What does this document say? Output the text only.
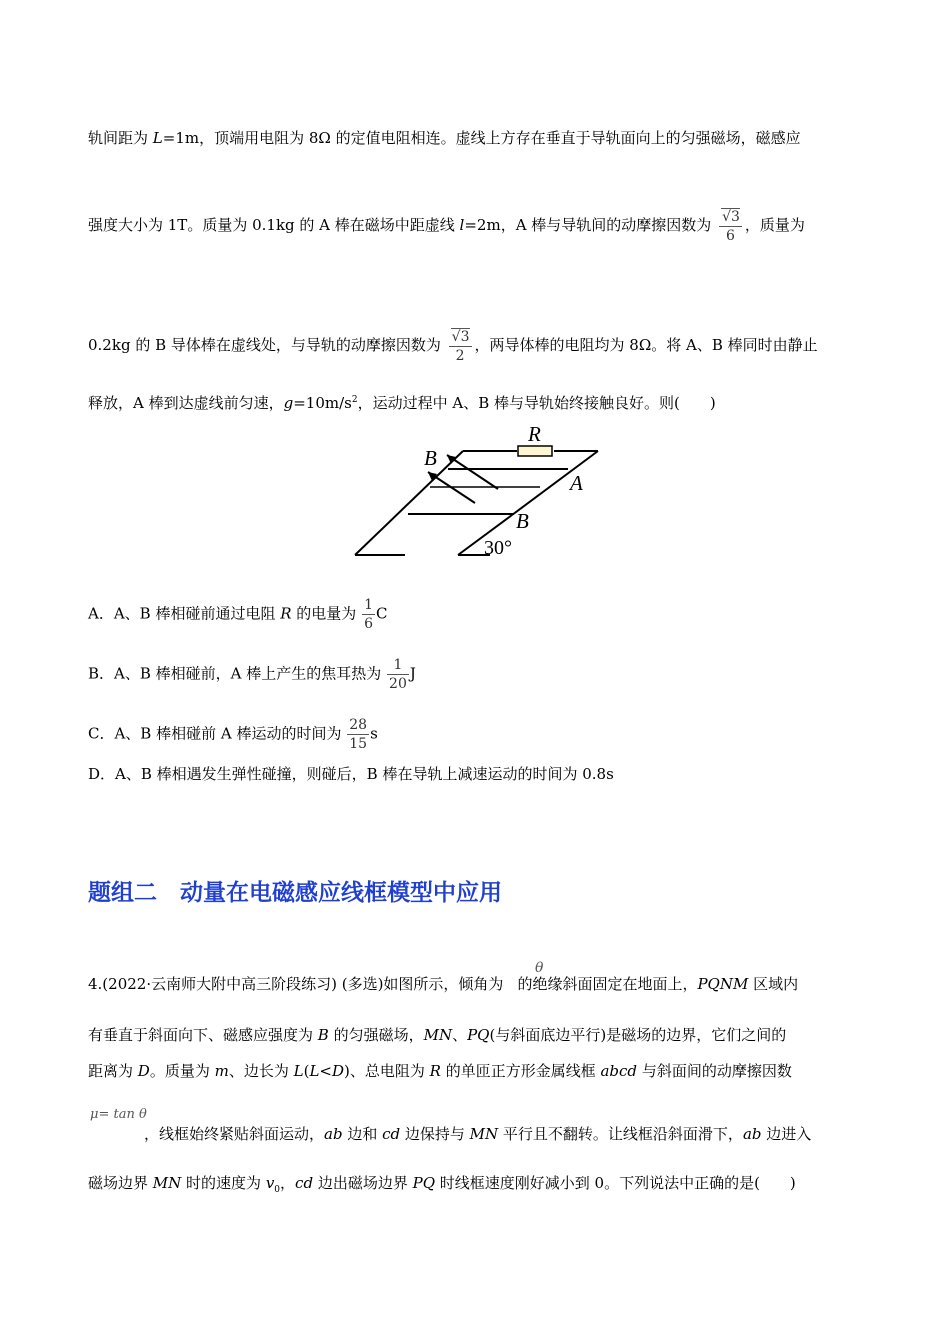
轨间距为 L=1m，顶端用电阻为 8Ω 的定值电阻相连。虚线上方存在垂直于导轨面向上的匀强磁场，磁感应
强度大小为 1T。质量为 0.1kg 的 A 棒在磁场中距虚线 l=2m，A 棒与导轨间的动摩擦因数为 $\frac{√3}{6}$ ，质量为
0.2kg 的 B 导体棒在虚线处，与导轨的动摩擦因数为 $\frac{√3}{2}$ ，两导体棒的电阻均为 8Ω。将 A、B 棒同时由静止
释放，A 棒到达虚线前匀速，$g=10m/s^2$，运动过程中 A、B 棒与导轨始终接触良好。则(　　)
R
A
B
B
30°
A．A、B 棒相碰前通过电阻 R 的电量为 $\frac{1}{6}$ C
B．A、B 棒相碰前，A 棒上产生的焦耳热为 $\frac{1}{20}$ J
C．A、B 棒相碰前 A 棒运动的时间为 $\frac{28}{15}$ s
D．A、B 棒相遇发生弹性碰撞，则碰后，B 棒在导轨上减速运动的时间为 0.8s
题组二　动量在电磁感应线框模型中应用
θ
4.(2022·云南师大附中高三阶段练习) (多选)如图所示，倾角为 的绝缘斜面固定在地面上，PQNM 区域内
有垂直于斜面向下、磁感应强度为 B 的匀强磁场，MN、PQ(与斜面底边平行)是磁场的边界，它们之间的
距离为 D。质量为 m、边长为 L(L<D)、总电阻为 R 的单匝正方形金属线框 abcd 与斜面间的动摩擦因数
μ= tan θ
，线框始终紧贴斜面运动，ab 边和 cd 边保持与 MN 平行且不翻转。让线框沿斜面滑下，ab 边进入
磁场边界 MN 时的速度为 $v_0$，cd 边出磁场边界 PQ 时线框速度刚好减小到 0。下列说法中正确的是(　　)
